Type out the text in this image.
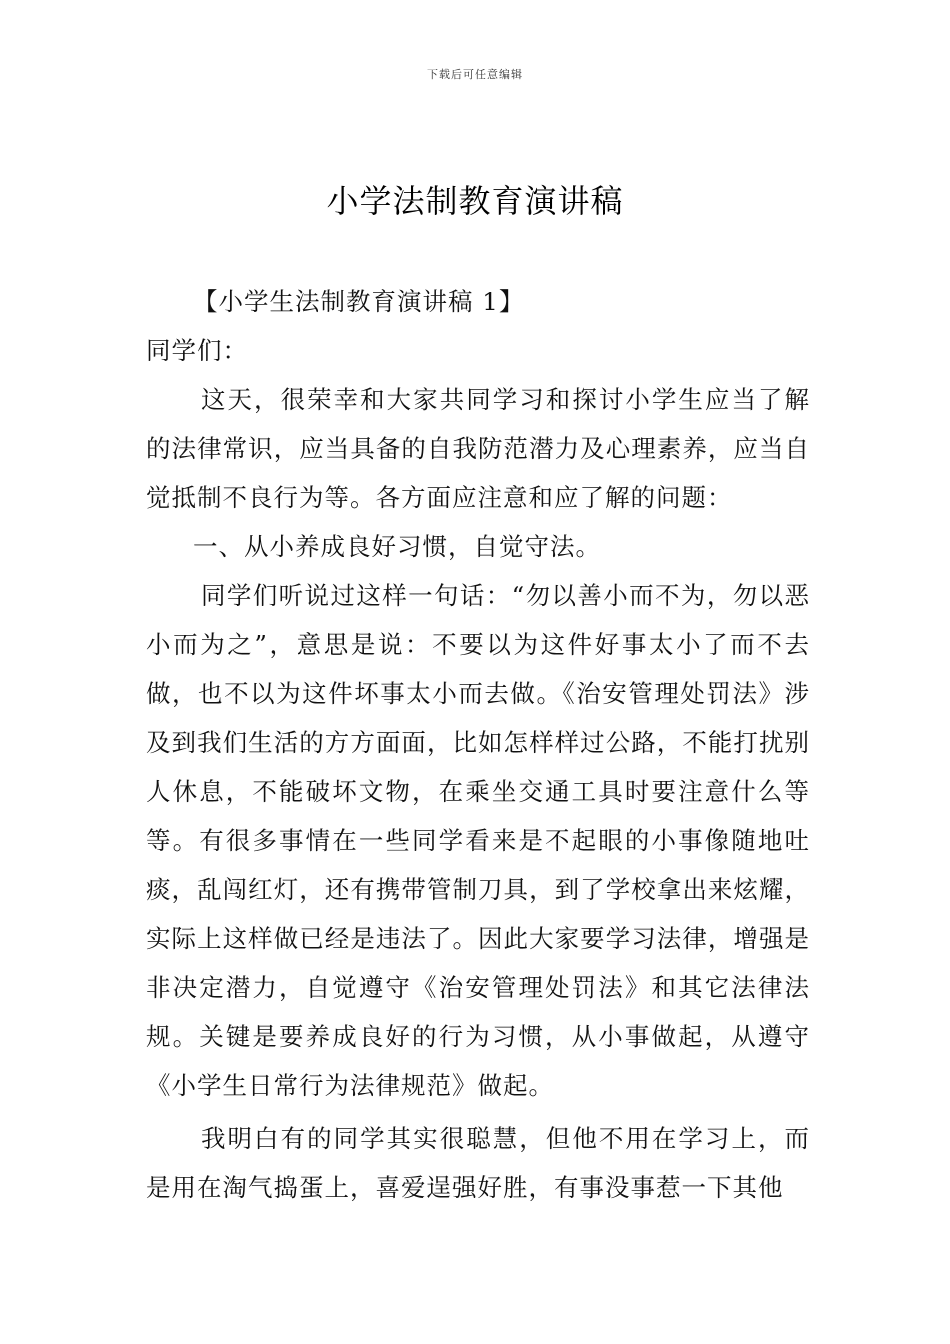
下载后可任意编辑
小学法制教育演讲稿

【小学生法制教育演讲稿 1】

同学们：

这天，很荣幸和大家共同学习和探讨小学生应当了解的法律常识，应当具备的自我防范潜力及心理素养，应当自觉抵制不良行为等。各方面应注意和应了解的问题：

一、从小养成良好习惯，自觉守法。

同学们听说过这样一句话：“勿以善小而不为，勿以恶小而为之”，意思是说：不要以为这件好事太小了而不去做，也不以为这件坏事太小而去做。《治安管理处罚法》涉及到我们生活的方方面面，比如怎样样过公路，不能打扰别人休息，不能破坏文物，在乘坐交通工具时要注意什么等等。有很多事情在一些同学看来是不起眼的小事像随地吐痰，乱闯红灯，还有携带管制刀具，到了学校拿出来炫耀，实际上这样做已经是违法了。因此大家要学习法律，增强是非决定潜力，自觉遵守《治安管理处罚法》和其它法律法规。关键是要养成良好的行为习惯，从小事做起，从遵守《小学生日常行为法律规范》做起。

我明白有的同学其实很聪慧，但他不用在学习上，而是用在淘气捣蛋上，喜爱逞强好胜，有事没事惹一下其他
